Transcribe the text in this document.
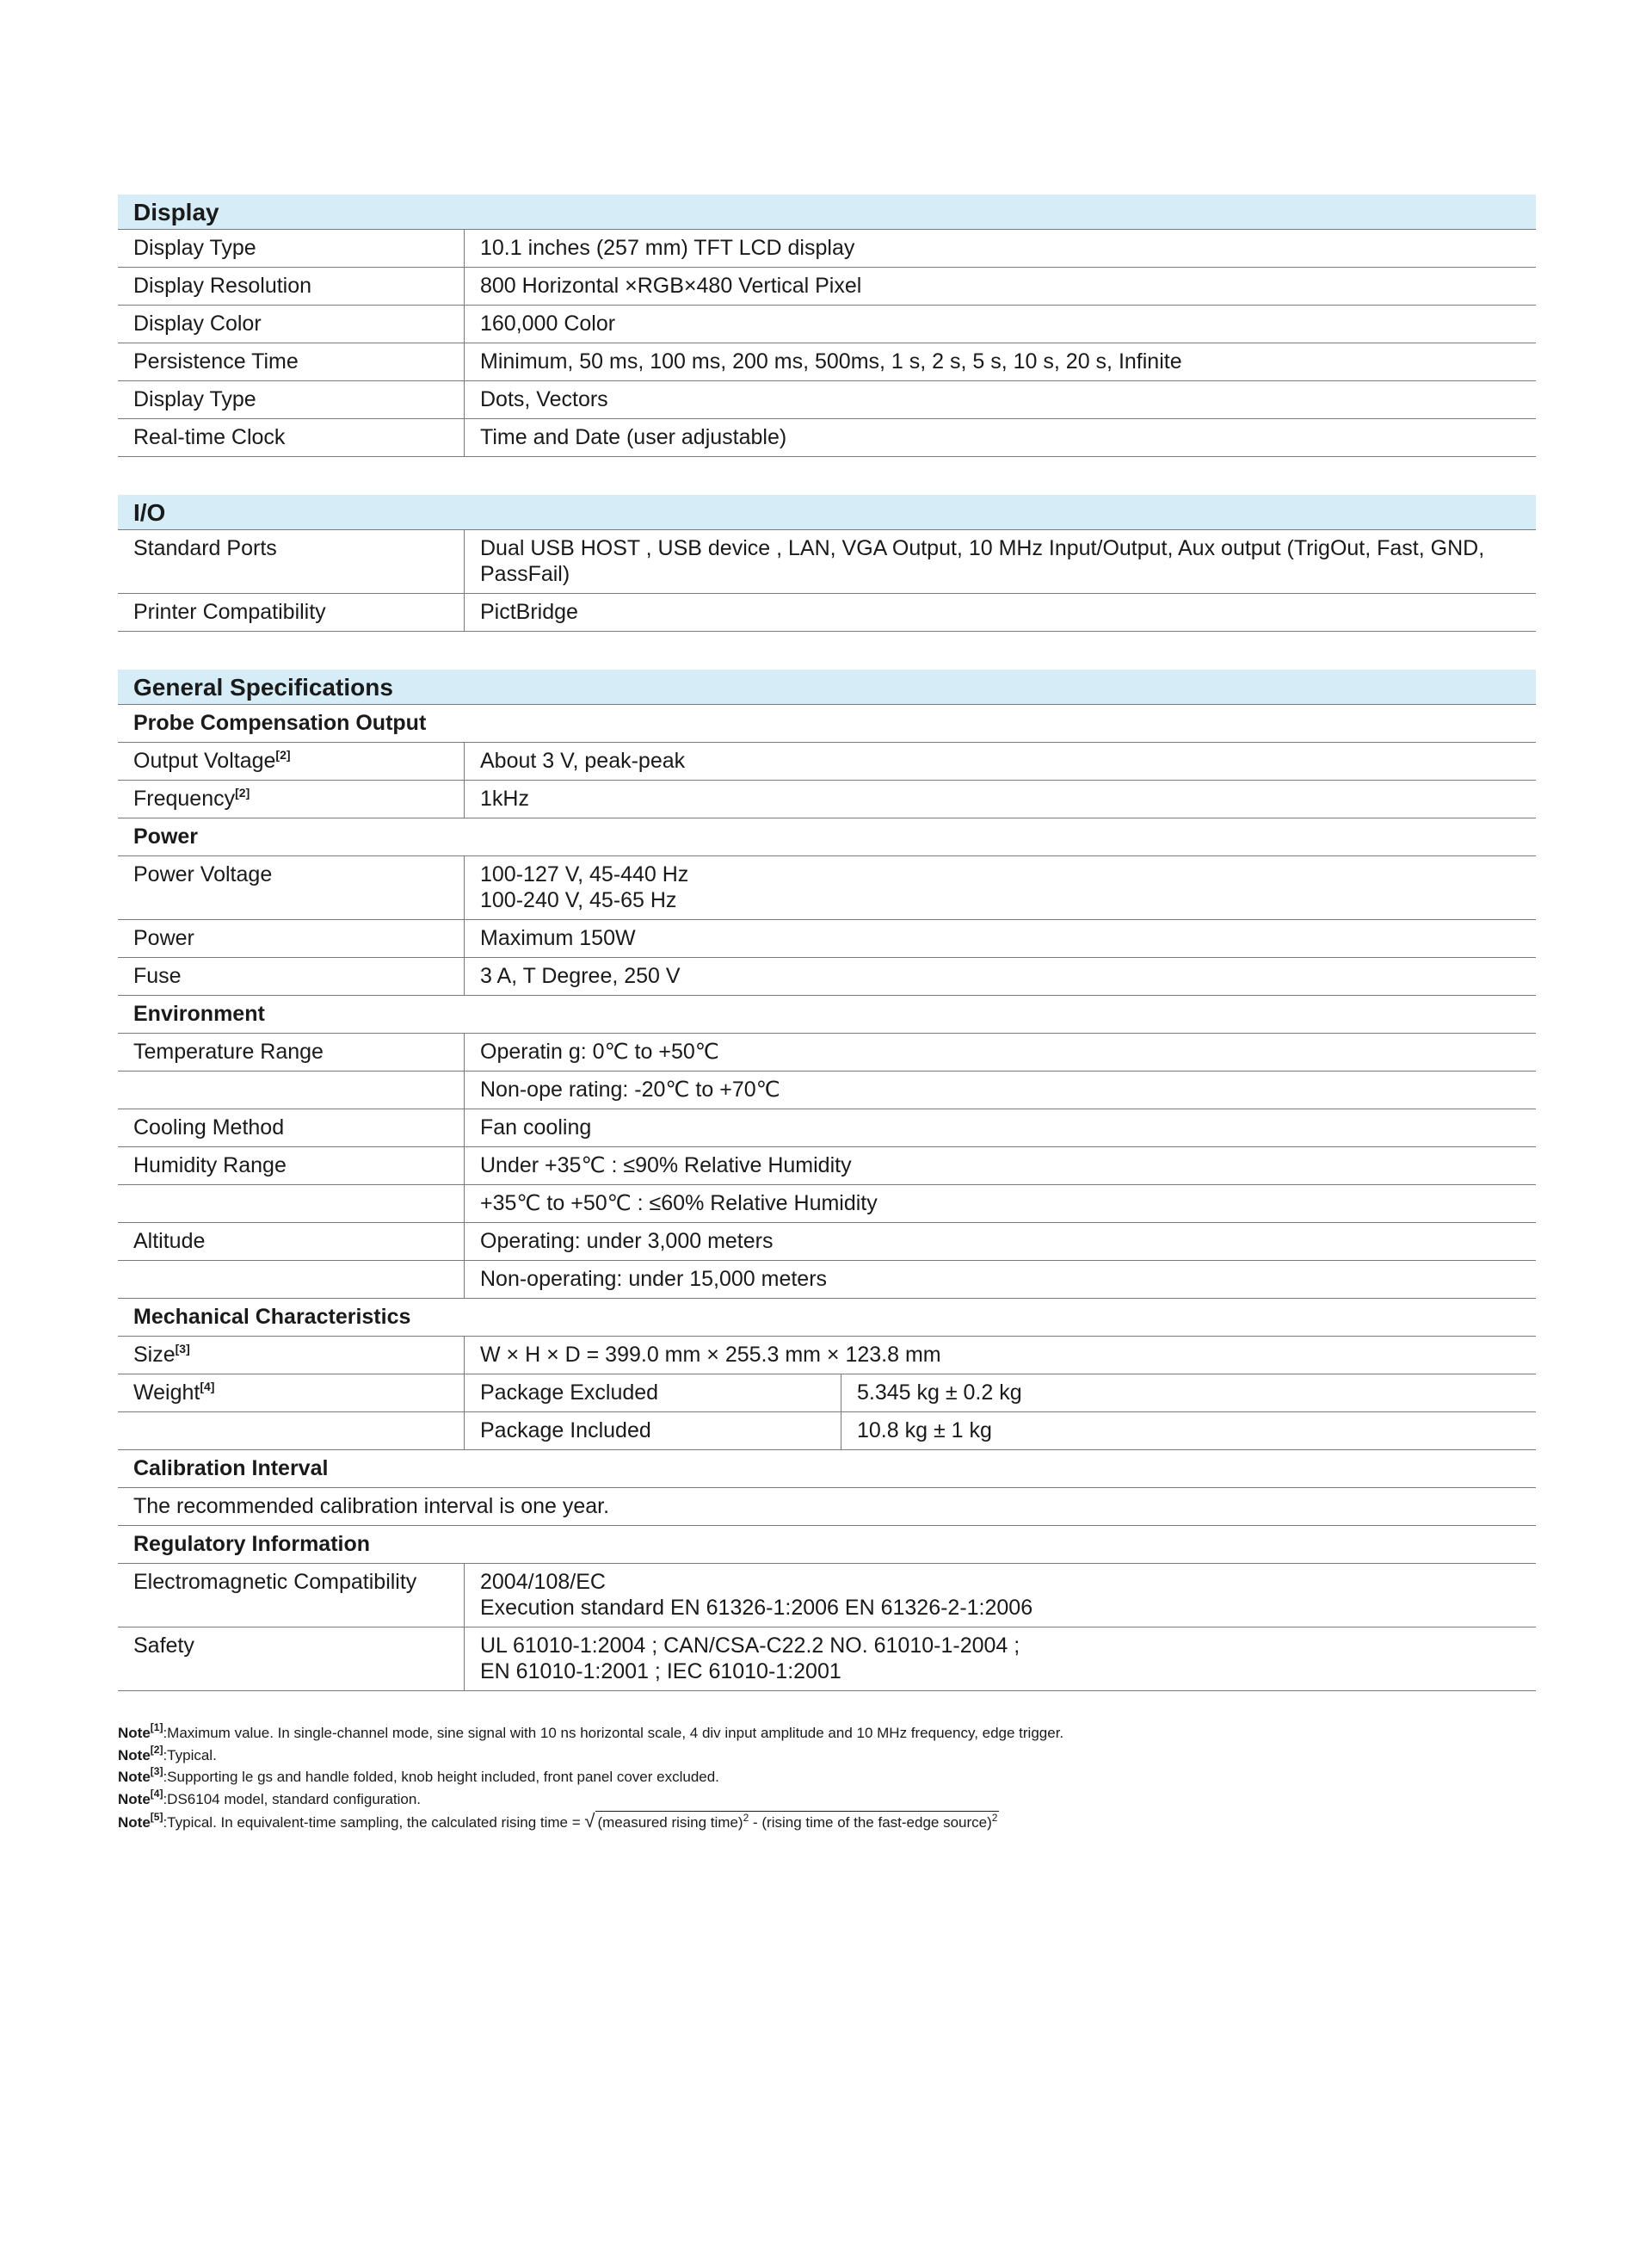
Display
Display Type	10.1 inches (257 mm) TFT LCD display
Display Resolution	800 Horizontal ×RGB×480 Vertical Pixel
Display Color	160,000 Color
Persistence Time	Minimum, 50 ms, 100 ms, 200 ms, 500ms, 1 s, 2 s, 5 s, 10 s, 20 s, Infinite
Display Type	Dots, Vectors
Real-time Clock	Time and Date (user adjustable)
I/O
Standard Ports	Dual USB HOST , USB device , LAN, VGA Output, 10 MHz Input/Output, Aux output (TrigOut, Fast, GND, PassFail)
Printer Compatibility	PictBridge
General Specifications
Probe Compensation Output
Output Voltage[2]	About 3 V, peak-peak
Frequency[2]	1kHz
Power
Power Voltage	100-127 V, 45-440 Hz
100-240 V, 45-65 Hz
Power	Maximum 150W
Fuse	3 A, T Degree, 250 V
Environment
Temperature Range	Operatin g: 0℃ to +50℃

Non-ope rating: -20℃ to +70℃
Cooling Method	Fan cooling
Humidity Range	Under +35℃ : ≤90% Relative Humidity

+35℃ to +50℃ : ≤60% Relative Humidity
Altitude	Operating: under 3,000 meters

Non-operating: under 15,000 meters
Mechanical Characteristics
Size[3]	W × H × D = 399.0 mm × 255.3 mm × 123.8 mm
Weight[4]	Package Excluded	5.345 kg ± 0.2 kg

Package Included	10.8 kg ± 1 kg
Calibration Interval
The recommended calibration interval is one year.
Regulatory Information
Electromagnetic Compatibility	2004/108/EC
Execution standard EN 61326-1:2006 EN 61326-2-1:2006
Safety	UL 61010-1:2004 ; CAN/CSA-C22.2 NO. 61010-1-2004 ;
EN 61010-1:2001 ; IEC 61010-1:2001
Note[1]:Maximum value. In single-channel mode, sine signal with 10 ns horizontal scale, 4 div input amplitude and 10 MHz frequency, edge trigger.
Note[2]:Typical.
Note[3]:Supporting le gs and handle folded, knob height included, front panel cover excluded.
Note[4]:DS6104 model, standard configuration.
Note[5]:Typical. In equivalent-time sampling, the calculated rising time = √ (measured rising time)$^2$ - (rising time of the fast-edge source)$^2$
